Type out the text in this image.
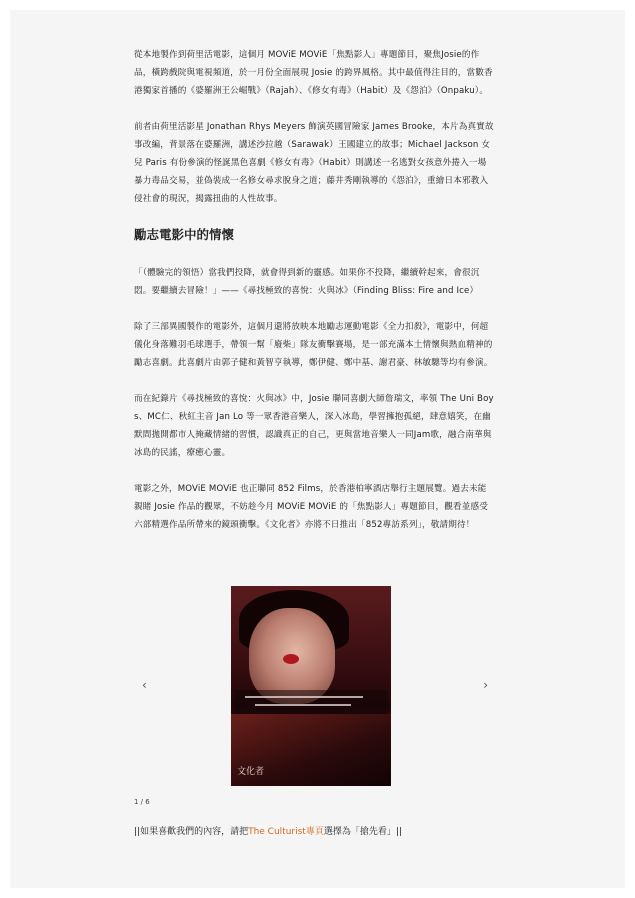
從本地製作到荷里活電影，這個月 MOViE MOViE「焦點影人」專題節目，聚焦Josie的作品，橫跨戲院與電視頻道，於一月份全面展現 Josie 的跨界風格。其中最值得注目的，當數香港獨家首播的《婆羅洲王公崛戰》（Rajah）、《修女有毒》（Habit）及《怨泊》（Onpaku）。

前者由荷里活影星 Jonathan Rhys Meyers 飾演英國冒險家 James Brooke，本片為真實故事改編，背景落在婆羅洲，講述沙拉越（Sarawak）王國建立的故事；Michael Jackson 女兒 Paris 有份參演的怪誕黑色喜劇《修女有毒》（Habit）則講述一名逃對女孩意外捲入一場暴力毒品交易，並偽裝成一名修女尋求脫身之道；藤井秀剛執導的《怨泊》，重繪日本邪教入侵社會的現況，揭露扭曲的人性故事。

勵志電影中的情懷

「（體驗完的領悟）當我們投降，就會得到新的靈感。如果你不投降，繼續幹起來，會很沉悶。要繼續去冒險！」——《尋找極致的喜悅：火與冰》（Finding Bliss: Fire and Ice）

除了三部異國製作的電影外，這個月還將放映本地勵志運動電影《全力扣殺》，電影中，何超儀化身落難羽毛球選手，帶領一幫「廢柴」隊友衝擊賽場，是一部充滿本土情懷與熱血精神的勵志喜劇。此喜劇片由郭子健和黃智亨執導，鄭伊健、鄭中基、謝君豪、林敏驄等均有參演。

而在紀錄片《尋找極致的喜悅：火與冰》中，Josie 聯同喜劇大師詹瑞文，率領 The Uni Boys、MC仁、秋紅主音 Jan Lo 等一眾香港音樂人，深入冰島，學習擁抱孤絕，肆意嬉笑，在幽默間拋開都市人掩藏情緒的習慣，認識真正的自己，更與當地音樂人一同Jam歌，融合南華與冰島的民謠，療癒心靈。

電影之外，MOViE MOViE 也正聯同 852 Films，於香港柏寧酒店舉行主題展覽。過去未能親睹 Josie 作品的觀眾，不妨趁今月 MOViE MOViE 的「焦點影人」專題節目，觀看並感受六部精選作品所帶來的鏡頭衝擊。《文化者》亦將不日推出「852專訪系列」，敬請期待！

‹
文化者
›
1 / 6
||如果喜歡我們的內容，請把The Culturist專頁選擇為「搶先看」||
